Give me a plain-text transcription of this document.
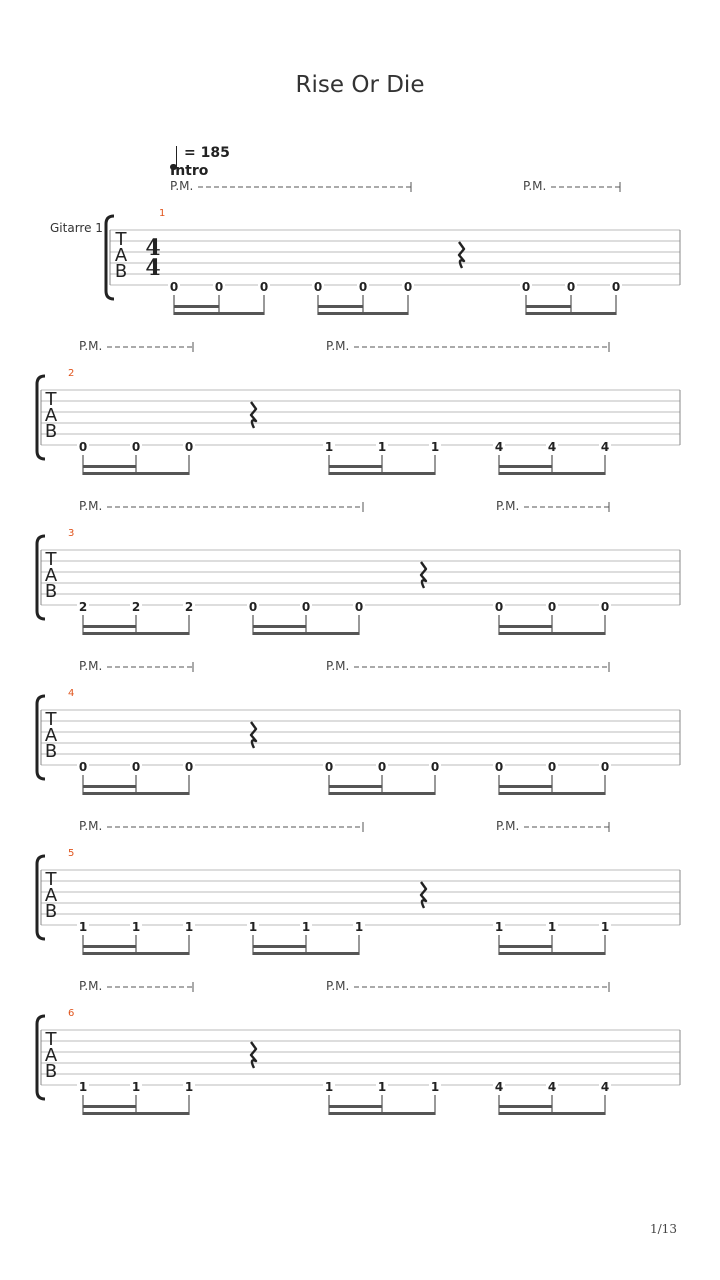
Rise Or Die
= 185
Intro
Gitarre 1
P.M.	P.M.
1
T
A
B
4
4
0	0	0	0	0	0	0	0	0
P.M.	P.M.
2
T
A
B
0	0	0	1	1	1	4	4	4
P.M.	P.M.
3
T
A
B
2	2	2	0	0	0	0	0	0
P.M.	P.M.
4
T
A
B
0	0	0	0	0	0	0	0	0
P.M.	P.M.
5
T
A
B
1	1	1	1	1	1	1	1	1
P.M.	P.M.
6
T
A
B
1	1	1	1	1	1	4	4	4
1/13
